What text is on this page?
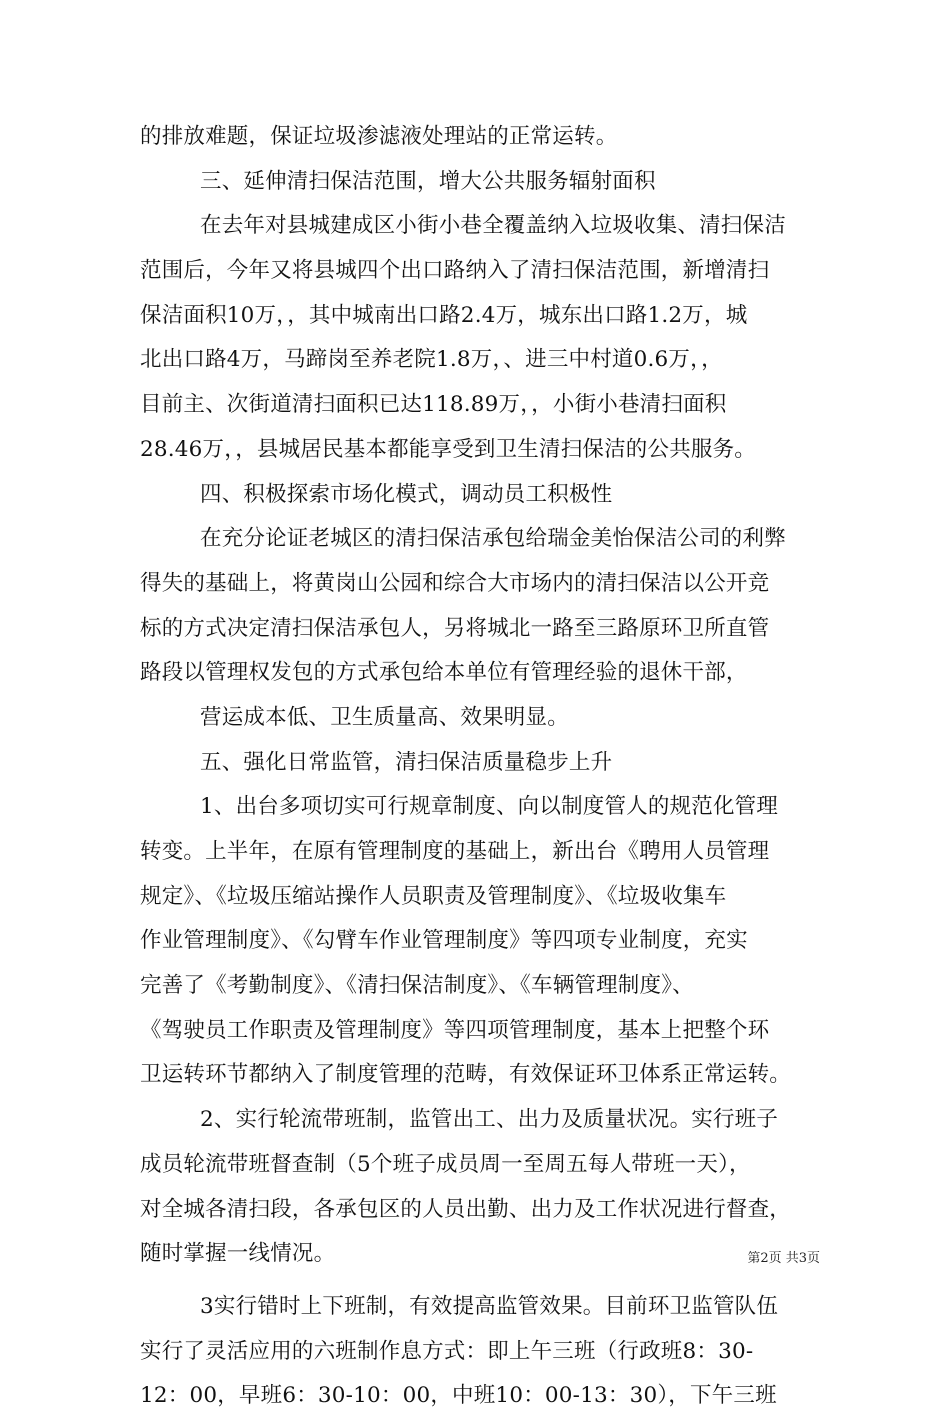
的排放难题，保证垃圾渗滤液处理站的正常运转。
三、延伸清扫保洁范围，增大公共服务辐射面积
在去年对县城建成区小街小巷全覆盖纳入垃圾收集、清扫保洁
范围后，今年又将县城四个出口路纳入了清扫保洁范围，新增清扫
保洁面积10万，，其中城南出口路2.4万，城东出口路1.2万，城
北出口路4万，马蹄岗至养老院1.8万，、进三中村道0.6万，，
目前主、次街道清扫面积已达118.89万，，小街小巷清扫面积
28.46万，，县城居民基本都能享受到卫生清扫保洁的公共服务。
四、积极探索市场化模式，调动员工积极性
在充分论证老城区的清扫保洁承包给瑞金美怡保洁公司的利弊
得失的基础上，将黄岗山公园和综合大市场内的清扫保洁以公开竞
标的方式决定清扫保洁承包人，另将城北一路至三路原环卫所直管
路段以管理权发包的方式承包给本单位有管理经验的退休干部，
营运成本低、卫生质量高、效果明显。
五、强化日常监管，清扫保洁质量稳步上升
1、出台多项切实可行规章制度、向以制度管人的规范化管理
转变。上半年，在原有管理制度的基础上，新出台《聘用人员管理
规定》、《垃圾压缩站操作人员职责及管理制度》、《垃圾收集车
作业管理制度》、《勾臂车作业管理制度》等四项专业制度，充实
完善了《考勤制度》、《清扫保洁制度》、《车辆管理制度》、
《驾驶员工作职责及管理制度》等四项管理制度，基本上把整个环
卫运转环节都纳入了制度管理的范畴，有效保证环卫体系正常运转。
2、实行轮流带班制，监管出工、出力及质量状况。实行班子
成员轮流带班督查制（5个班子成员周一至周五每人带班一天），
对全城各清扫段，各承包区的人员出勤、出力及工作状况进行督查，
随时掌握一线情况。
3实行错时上下班制，有效提高监管效果。目前环卫监管队伍
实行了灵活应用的六班制作息方式：即上午三班（行政班8：30-
12：00，早班6：30-10：00，中班10：00-13：30），下午三班
第2页 共3页
